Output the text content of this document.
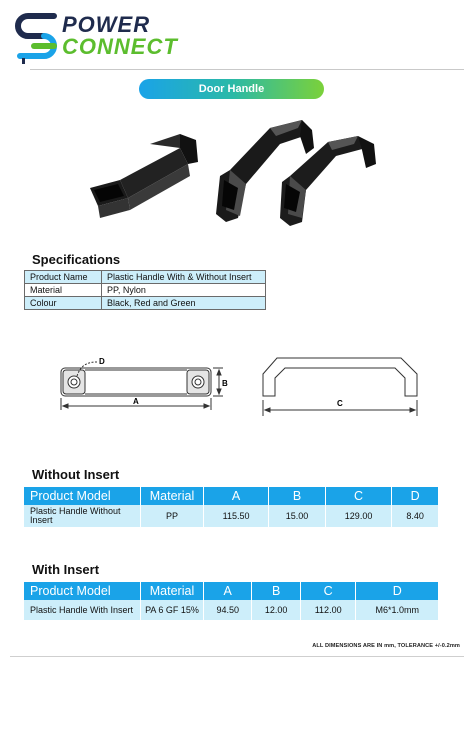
POWER
CONNECT
Door Handle
Specifications
Product Name	Plastic Handle With & Without Insert
Material	PP, Nylon
Colour	Black, Red and Green
D
A
B
C
Without Insert
Product Model	Material	A	B	C	D
Plastic Handle Without Insert	PP	115.50	15.00	129.00	8.40
With Insert
Product Model	Material	A	B	C	D
Plastic Handle With Insert	PA 6 GF 15%	94.50	12.00	112.00	M6*1.0mm
ALL DIMENSIONS ARE IN mm, TOLERANCE +/-0.2mm
